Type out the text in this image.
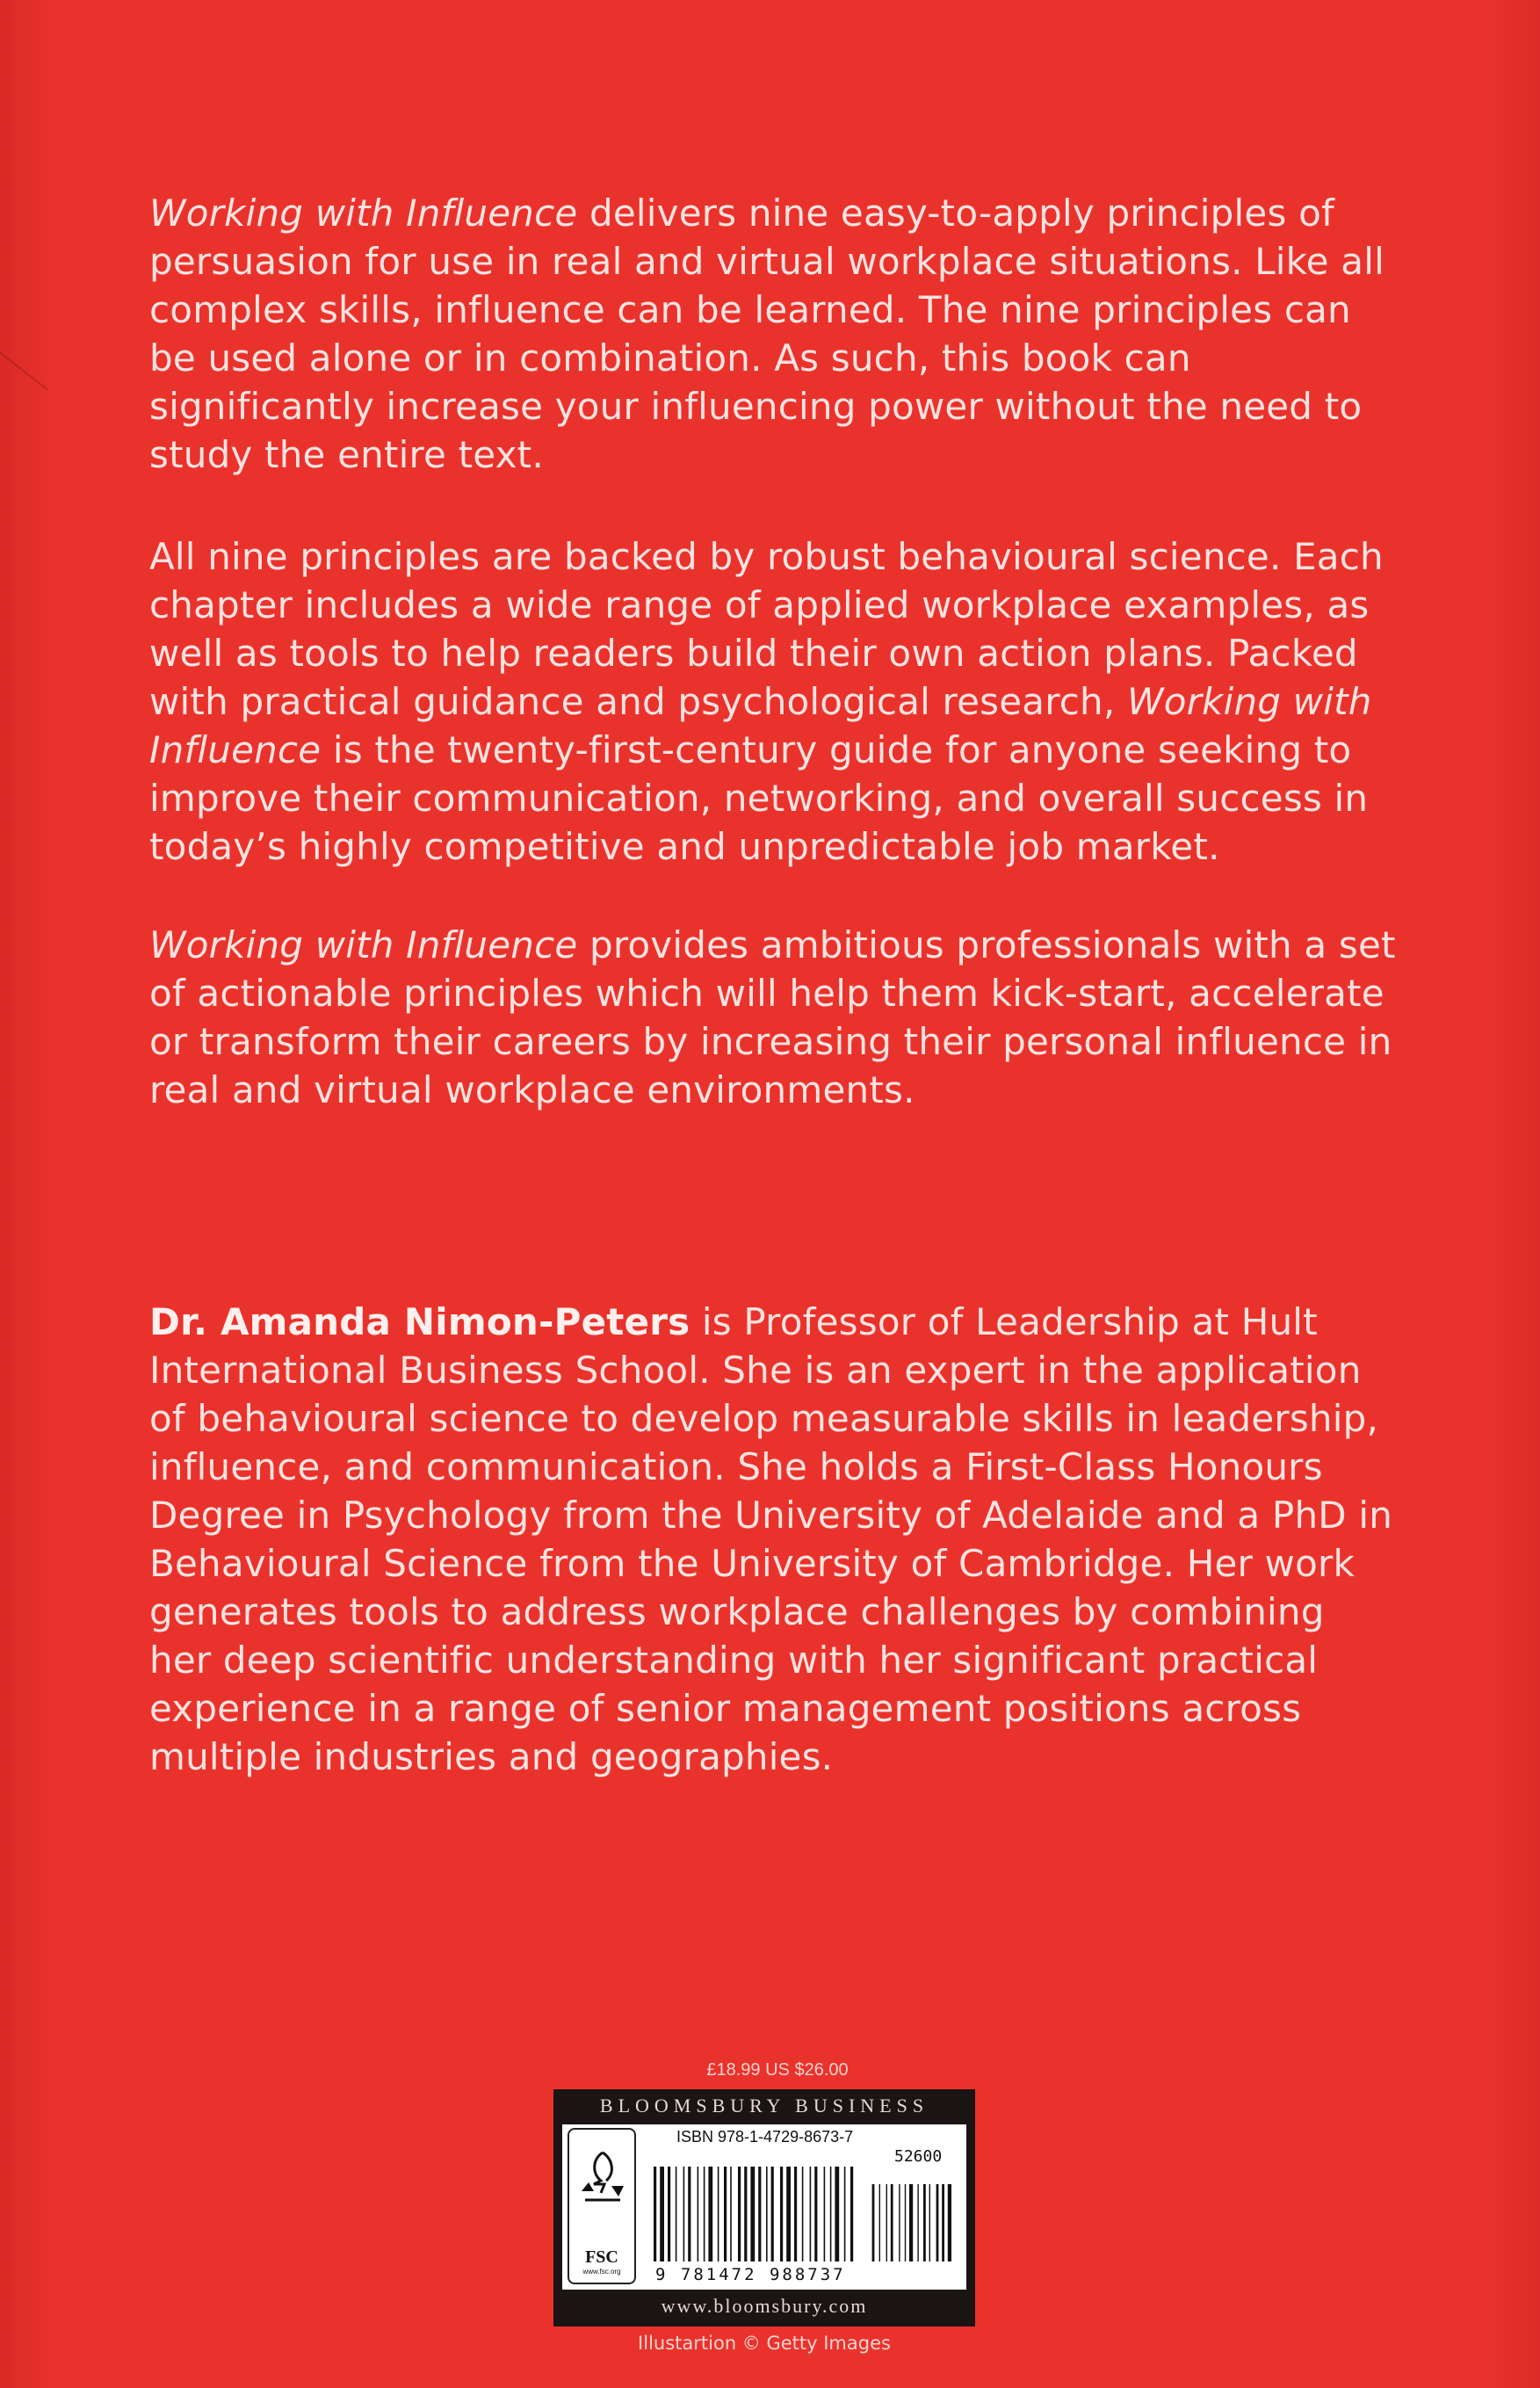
Working with Influence delivers nine easy-to-apply principles of persuasion for use in real and virtual workplace situations. Like all complex skills, influence can be learned. The nine principles can be used alone or in combination. As such, this book can significantly increase your influencing power without the need to study the entire text.

All nine principles are backed by robust behavioural science. Each chapter includes a wide range of applied workplace examples, as well as tools to help readers build their own action plans. Packed with practical guidance and psychological research, Working with Influence is the twenty-first-century guide for anyone seeking to improve their communication, networking, and overall success in today’s highly competitive and unpredictable job market.

Working with Influence provides ambitious professionals with a set of actionable principles which will help them kick-start, accelerate or transform their careers by increasing their personal influence in real and virtual workplace environments.

Dr. Amanda Nimon-Peters is Professor of Leadership at Hult International Business School. She is an expert in the application of behavioural science to develop measurable skills in leadership, influence, and communication. She holds a First-Class Honours Degree in Psychology from the University of Adelaide and a PhD in Behavioural Science from the University of Cambridge. Her work generates tools to address workplace challenges by combining her deep scientific understanding with her significant practical experience in a range of senior management positions across multiple industries and geographies.

£18.99 US $26.00
BLOOMSBURY BUSINESS
FSC
www.fsc.org
ISBN 978-1-4729-8673-7
52600
9 781472 988737
www.bloomsbury.com
Illustartion © Getty Images
